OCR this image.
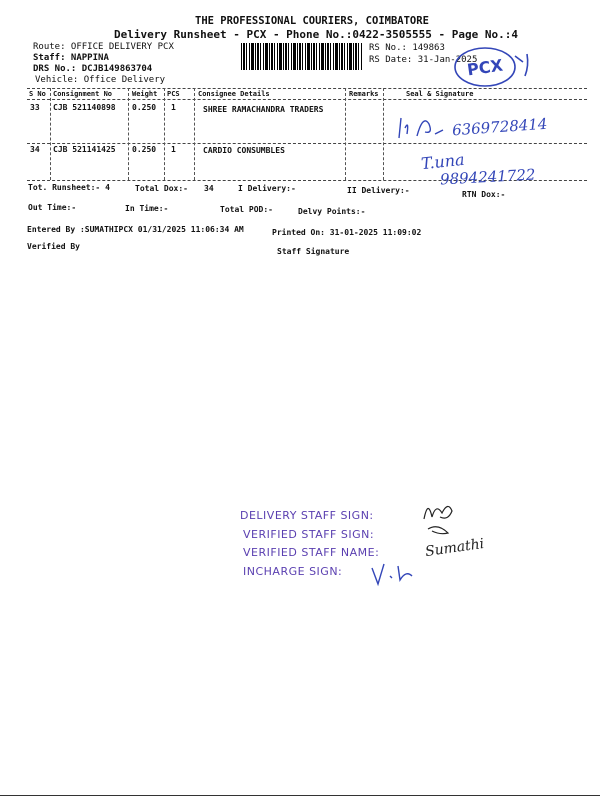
THE PROFESSIONAL COURIERS, COIMBATORE
Delivery Runsheet - PCX - Phone No.:0422-3505555 - Page No.:4
Route: OFFICE DELIVERY PCX
Staff: NAPPINA
DRS No.: DCJB149863704
Vehicle: Office Delivery
RS No.: 149863
RS Date: 31-Jan-2025
PCX
S No Consignment No	Weight PCS	Consignee Details	Remarks	Seal & Signature
33 CJB 521140898 0.250 1	SHREE RAMACHANDRA TRADERS
34 CJB 521141425 0.250 1	CARDIO CONSUMBLES
6369728414
T.una
9894241722
Tot. Runsheet:- 4	Total Dox:- 34	I Delivery:-	II Delivery:-	RTN Dox:-
Out Time:-	In Time:-	Total POD:-	Delvy Points:-
Entered By :SUMATHIPCX 01/31/2025 11:06:34 AM	Printed On: 31-01-2025 11:09:02
Verified By
Staff Signature
DELIVERY STAFF SIGN:
VERIFIED STAFF SIGN:
VERIFIED STAFF NAME:
INCHARGE SIGN:
Sumathi
